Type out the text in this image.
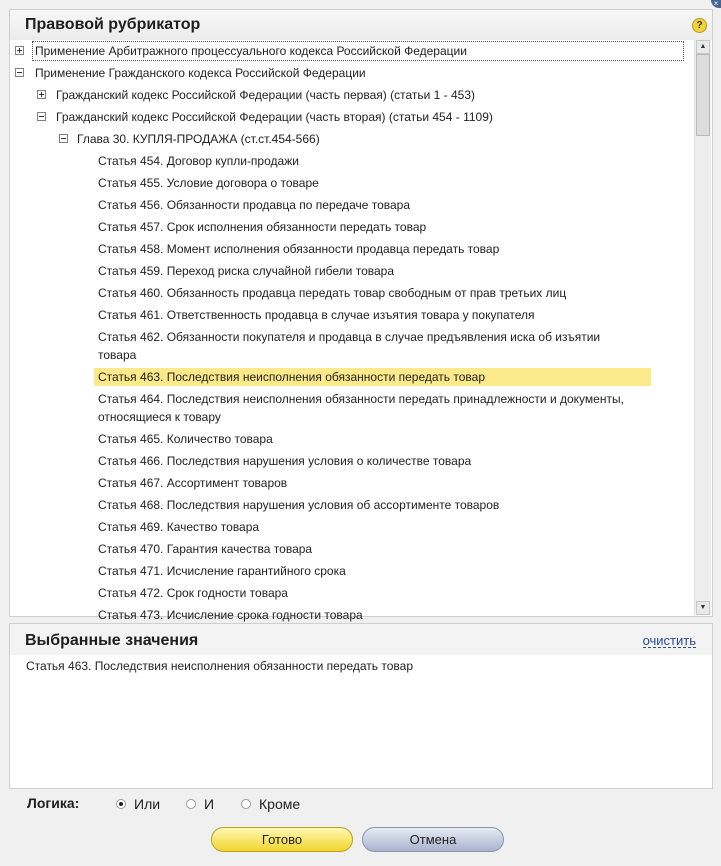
×
Правовой рубрикатор	?
Применение Арбитражного процессуального кодекса Российской Федерации
Применение Гражданского кодекса Российской Федерации
Гражданский кодекс Российской Федерации (часть первая) (статьи 1 - 453)
Гражданский кодекс Российской Федерации (часть вторая) (статьи 454 - 1109)
Глава 30. КУПЛЯ-ПРОДАЖА (ст.ст.454-566)
Статья 454. Договор купли-продажи
Статья 455. Условие договора о товаре
Статья 456. Обязанности продавца по передаче товара
Статья 457. Срок исполнения обязанности передать товар
Статья 458. Момент исполнения обязанности продавца передать товар
Статья 459. Переход риска случайной гибели товара
Статья 460. Обязанность продавца передать товар свободным от прав третьих лиц
Статья 461. Ответственность продавца в случае изъятия товара у покупателя
Статья 462. Обязанности покупателя и продавца в случае предъявления иска об изъятии товара
Статья 463. Последствия неисполнения обязанности передать товар
Статья 464. Последствия неисполнения обязанности передать принадлежности и документы, относящиеся к товару
Статья 465. Количество товара
Статья 466. Последствия нарушения условия о количестве товара
Статья 467. Ассортимент товаров
Статья 468. Последствия нарушения условия об ассортименте товаров
Статья 469. Качество товара
Статья 470. Гарантия качества товара
Статья 471. Исчисление гарантийного срока
Статья 472. Срок годности товара
Статья 473. Исчисление срока годности товара
▲
▼
Выбранные значения	очистить
Статья 463. Последствия неисполнения обязанности передать товар
Логика:	Или	И	Кроме
Готово	Отмена
